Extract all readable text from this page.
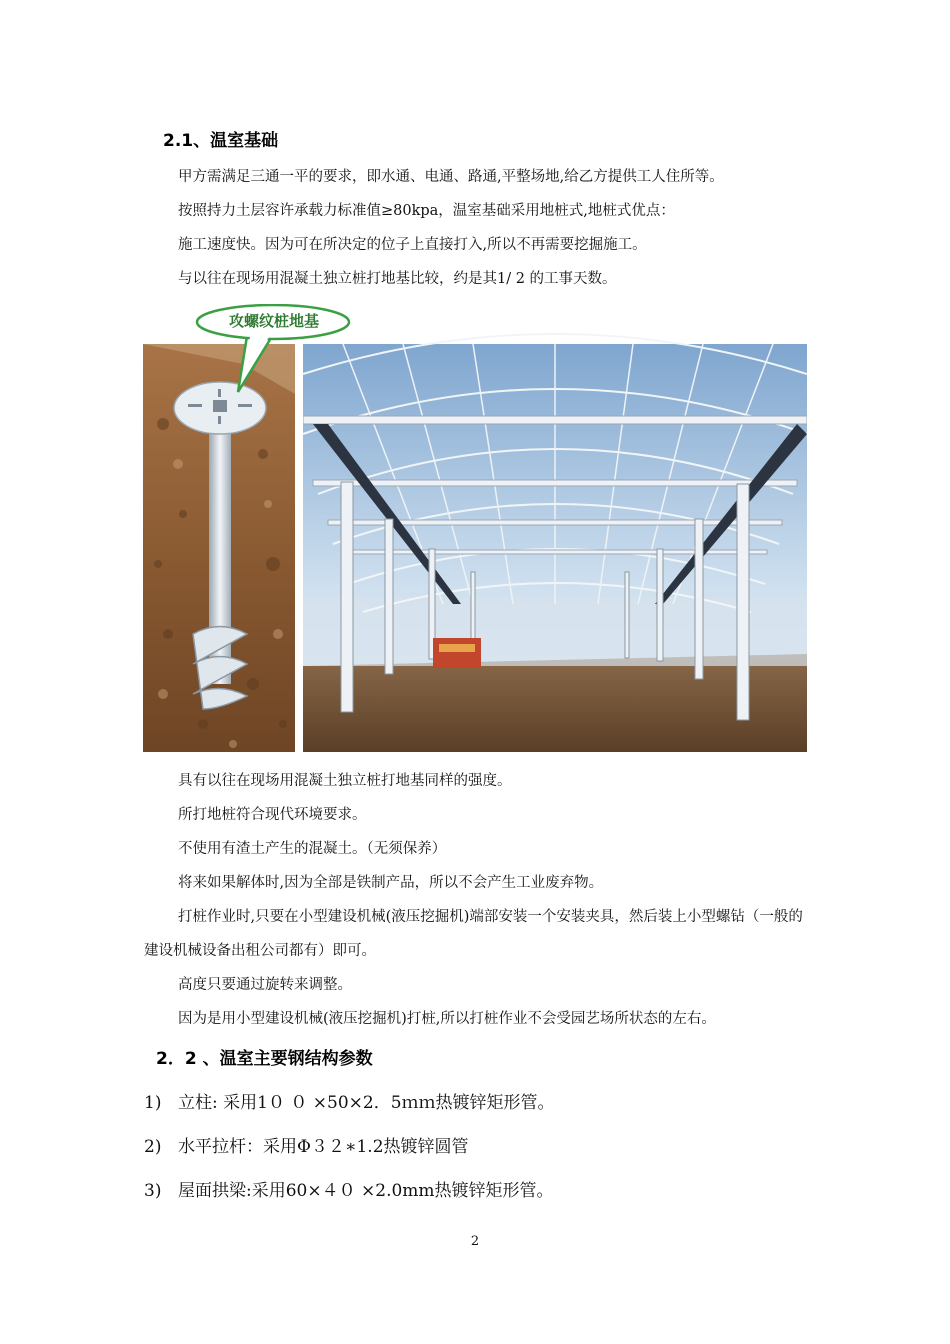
2.1、温室基础

甲方需满足三通一平的要求，即水通、电通、路通,平整场地,给乙方提供工人住所等。

按照持力土层容许承载力标准值≥80kpa，温室基础采用地桩式,地桩式优点：

施工速度快。因为可在所决定的位子上直接打入,所以不再需要挖掘施工。

与以往在现场用混凝土独立桩打地基比较，约是其1/ 2 的工事天数。

攻螺纹桩地基

具有以往在现场用混凝土独立桩打地基同样的强度。

所打地桩符合现代环境要求。

不使用有渣土产生的混凝土。（无须保养）

将来如果解体时,因为全部是铁制产品，所以不会产生工业废弃物。

打桩作业时,只要在小型建设机械(液压挖掘机)端部安装一个安装夹具，然后装上小型螺钻（一般的建设机械设备出租公司都有）即可。

高度只要通过旋转来调整。

因为是用小型建设机械(液压挖掘机)打桩,所以打桩作业不会受园艺场所状态的左右。

2．2 、温室主要钢结构参数

1) 立柱: 采用1０ ０ ×50×2．5ｍｍ热镀锌矩形管。

2) 水平拉杆：采用Φ３２∗1.2热镀锌圆管

3) 屋面拱梁:采用60×４０ ×2.0mm热镀锌矩形管。

2
